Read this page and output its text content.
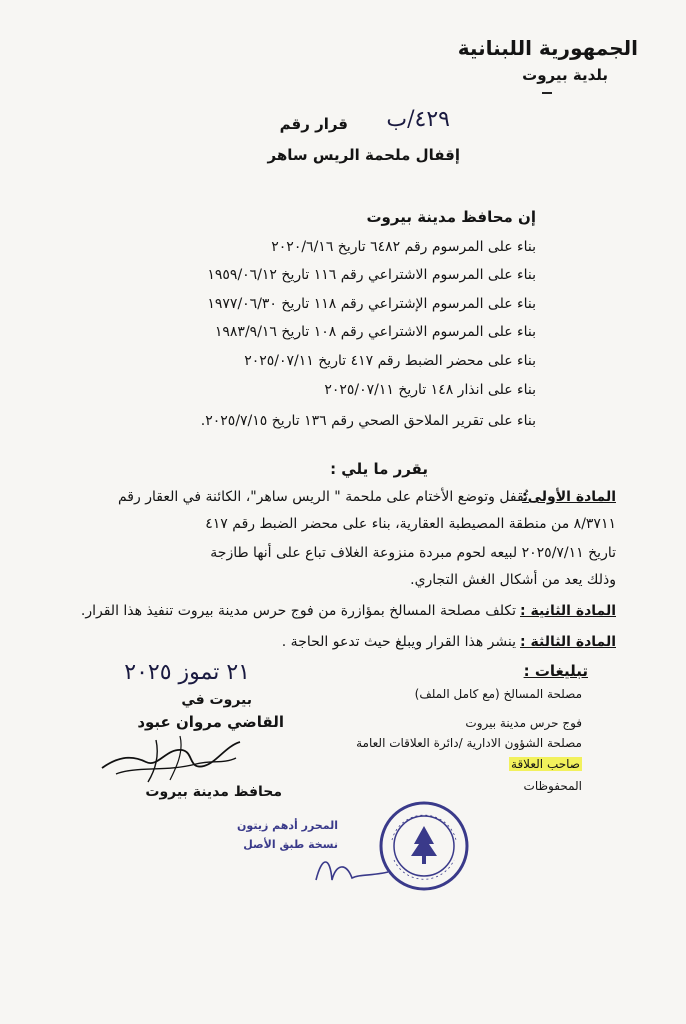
الجمهورية اللبنانية
بلدية بيروت
قرار رقم ٤٢٩/ب
إقفال ملحمة الريس ساهر
إن محافظ مدينة بيروت
بناء على المرسوم رقم ٦٤٨٢ تاريخ ٢٠٢٠/٦/١٦
بناء على المرسوم الاشتراعي رقم ١١٦ تاريخ ١٩٥٩/٠٦/١٢
بناء على المرسوم الإشتراعي رقم ١١٨ تاريخ ١٩٧٧/٠٦/٣٠
بناء على المرسوم الاشتراعي رقم ١٠٨ تاريخ ١٩٨٣/٩/١٦
بناء على محضر الضبط رقم ٤١٧ تاريخ ٢٠٢٥/٠٧/١١
بناء على انذار ١٤٨ تاريخ ٢٠٢٥/٠٧/١١
بناء على تقرير الملاحق الصحي رقم ١٣٦ تاريخ ٢٠٢٥/٧/١٥.
يقرر ما يلي :
المادة الأولى:
تُقفل وتوضع الأختام على ملحمة " الريس ساهر"، الكائنة في العقار رقم
٨/٣٧١١ من منطقة المصيطبة العقارية، بناء على محضر الضبط رقم ٤١٧
تاريخ ٢٠٢٥/٧/١١ لبيعه لحوم مبردة منزوعة الغلاف تباع على أنها طازجة
وذلك يعد من أشكال الغش التجاري.
المادة الثانية :
تكلف مصلحة المسالخ بمؤازرة من فوج حرس مدينة بيروت تنفيذ هذا القرار.
المادة الثالثة :
ينشر هذا القرار ويبلغ حيث تدعو الحاجة .
٢١ تموز ٢٠٢٥
بيروت في
القاضي مروان عبود
محافظ مدينة بيروت
تبليغات :
مصلحة المسالخ (مع كامل الملف)
فوج حرس مدينة بيروت
مصلحة الشؤون الادارية /دائرة العلاقات العامة
صاحب العلاقة
المحفوظات
المحرر أدهم زيتون
نسخة طبق الأصل
